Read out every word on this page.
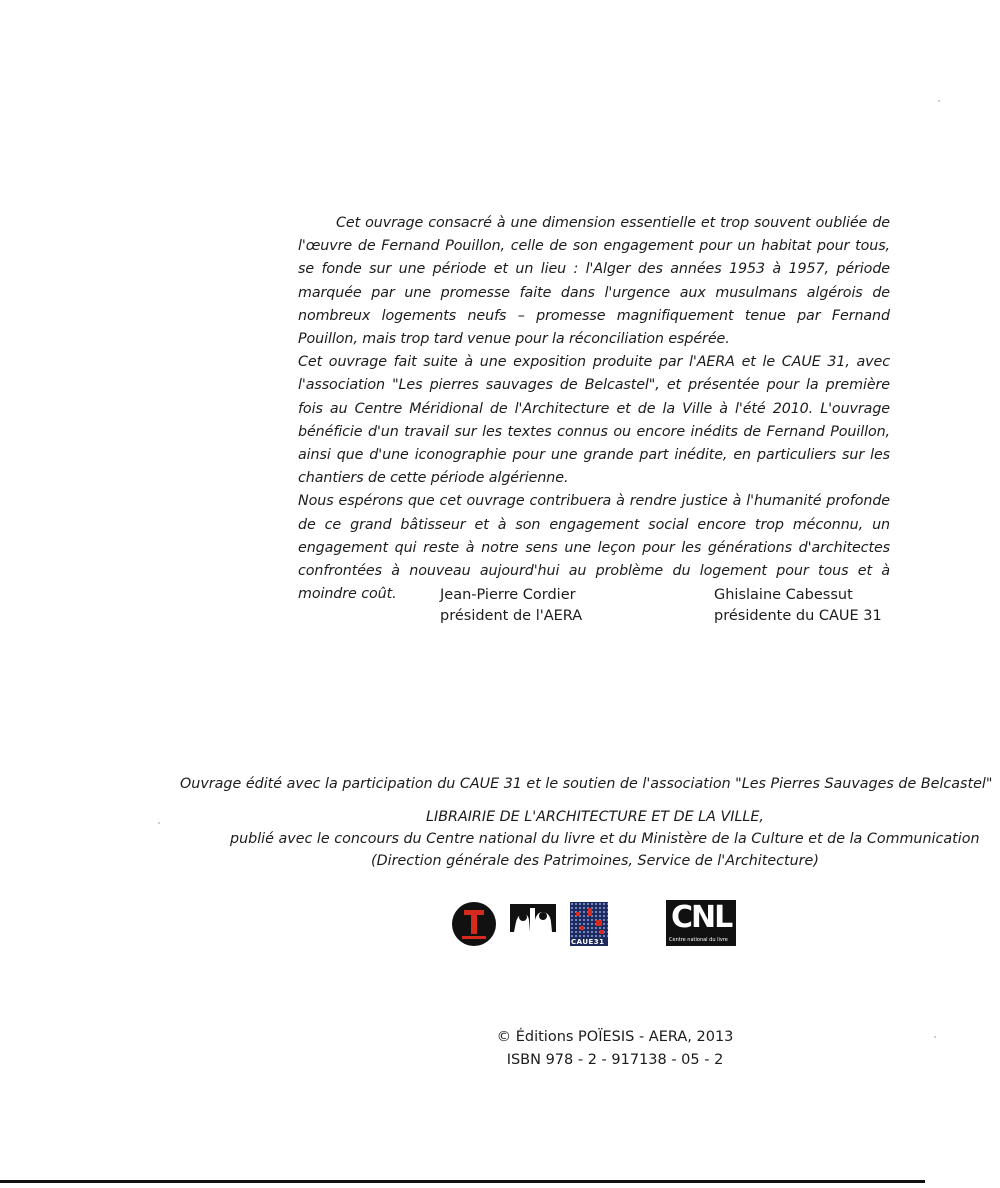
Cet ouvrage consacré à une dimension essentielle et trop souvent oubliée de l'œuvre de Fernand Pouillon, celle de son engagement pour un habitat pour tous, se fonde sur une période et un lieu : l'Alger des années 1953 à 1957, période marquée par une promesse faite dans l'urgence aux musulmans algérois de nombreux logements neufs – promesse magnifiquement tenue par Fernand Pouillon, mais trop tard venue pour la réconciliation espérée.

Cet ouvrage fait suite à une exposition produite par l'AERA et le CAUE 31, avec l'association "Les pierres sauvages de Belcastel", et présentée pour la première fois au Centre Méridional de l'Architecture et de la Ville à l'été 2010. L'ouvrage bénéficie d'un travail sur les textes connus ou encore inédits de Fernand Pouillon, ainsi que d'une iconographie pour une grande part inédite, en particuliers sur les chantiers de cette période algérienne.

Nous espérons que cet ouvrage contribuera à rendre justice à l'humanité profonde de ce grand bâtisseur et à son engagement social encore trop méconnu, un engagement qui reste à notre sens une leçon pour les générations d'architectes confrontées à nouveau aujourd'hui au problème du logement pour tous et à moindre coût.	Jean-Pierre Cordier
président de l'AERA
Ghislaine Cabessut
présidente du CAUE 31
Ouvrage édité avec la participation du CAUE 31 et le soutien de l'association "Les Pierres Sauvages de Belcastel"
LIBRAIRIE DE L'ARCHITECTURE ET DE LA VILLE,
publié avec le concours du Centre national du livre et du Ministère de la Culture et de la Communication
(Direction générale des Patrimoines, Service de l'Architecture)
CAUE31
CNL
Centre national du livre
© Éditions POÏESIS - AERA, 2013
ISBN 978 - 2 - 917138 - 05 - 2
